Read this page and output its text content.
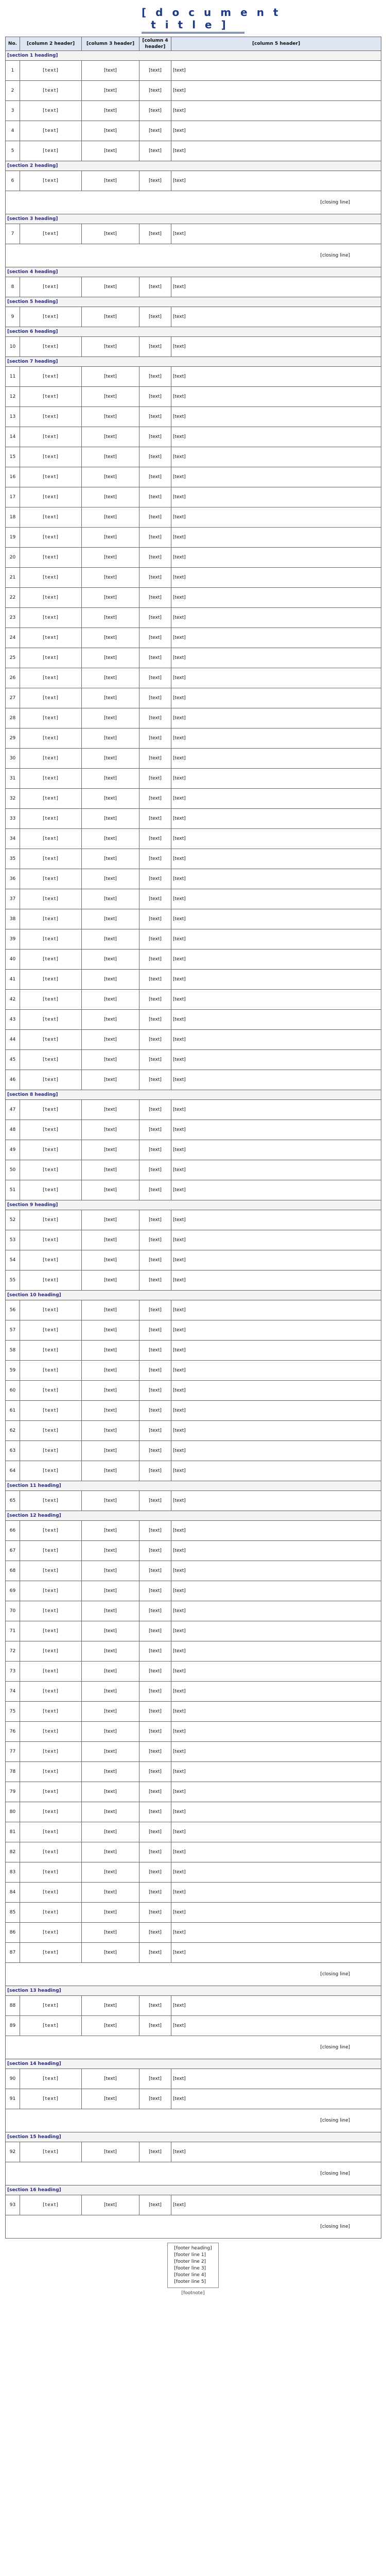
[document title]
No.	[column 2 header]	[column 3 header]	[column 4 header]	[column 5 header]
[section 1 heading]				
1	[text]	[text]	[text]	[text]
2	[text]	[text]	[text]	[text]
3	[text]	[text]	[text]	[text]
4	[text]	[text]	[text]	[text]
5	[text]	[text]	[text]	[text]
[section 2 heading]				
6	[text]	[text]	[text]	[text]
[closing line]				
[section 3 heading]				
7	[text]	[text]	[text]	[text]
[closing line]				
[section 4 heading]				
8	[text]	[text]	[text]	[text]
[section 5 heading]				
9	[text]	[text]	[text]	[text]
[section 6 heading]				
10	[text]	[text]	[text]	[text]
[section 7 heading]				
11	[text]	[text]	[text]	[text]
12	[text]	[text]	[text]	[text]
13	[text]	[text]	[text]	[text]
14	[text]	[text]	[text]	[text]
15	[text]	[text]	[text]	[text]
16	[text]	[text]	[text]	[text]
17	[text]	[text]	[text]	[text]
18	[text]	[text]	[text]	[text]
19	[text]	[text]	[text]	[text]
20	[text]	[text]	[text]	[text]
21	[text]	[text]	[text]	[text]
22	[text]	[text]	[text]	[text]
23	[text]	[text]	[text]	[text]
24	[text]	[text]	[text]	[text]
25	[text]	[text]	[text]	[text]
26	[text]	[text]	[text]	[text]
27	[text]	[text]	[text]	[text]
28	[text]	[text]	[text]	[text]
29	[text]	[text]	[text]	[text]
30	[text]	[text]	[text]	[text]
31	[text]	[text]	[text]	[text]
32	[text]	[text]	[text]	[text]
33	[text]	[text]	[text]	[text]
34	[text]	[text]	[text]	[text]
35	[text]	[text]	[text]	[text]
36	[text]	[text]	[text]	[text]
37	[text]	[text]	[text]	[text]
38	[text]	[text]	[text]	[text]
39	[text]	[text]	[text]	[text]
40	[text]	[text]	[text]	[text]
41	[text]	[text]	[text]	[text]
42	[text]	[text]	[text]	[text]
43	[text]	[text]	[text]	[text]
44	[text]	[text]	[text]	[text]
45	[text]	[text]	[text]	[text]
46	[text]	[text]	[text]	[text]
[section 8 heading]				
47	[text]	[text]	[text]	[text]
48	[text]	[text]	[text]	[text]
49	[text]	[text]	[text]	[text]
50	[text]	[text]	[text]	[text]
51	[text]	[text]	[text]	[text]
[section 9 heading]				
52	[text]	[text]	[text]	[text]
53	[text]	[text]	[text]	[text]
54	[text]	[text]	[text]	[text]
55	[text]	[text]	[text]	[text]
[section 10 heading]				
56	[text]	[text]	[text]	[text]
57	[text]	[text]	[text]	[text]
58	[text]	[text]	[text]	[text]
59	[text]	[text]	[text]	[text]
60	[text]	[text]	[text]	[text]
61	[text]	[text]	[text]	[text]
62	[text]	[text]	[text]	[text]
63	[text]	[text]	[text]	[text]
64	[text]	[text]	[text]	[text]
[section 11 heading]				
65	[text]	[text]	[text]	[text]
[section 12 heading]				
66	[text]	[text]	[text]	[text]
67	[text]	[text]	[text]	[text]
68	[text]	[text]	[text]	[text]
69	[text]	[text]	[text]	[text]
70	[text]	[text]	[text]	[text]
71	[text]	[text]	[text]	[text]
72	[text]	[text]	[text]	[text]
73	[text]	[text]	[text]	[text]
74	[text]	[text]	[text]	[text]
75	[text]	[text]	[text]	[text]
76	[text]	[text]	[text]	[text]
77	[text]	[text]	[text]	[text]
78	[text]	[text]	[text]	[text]
79	[text]	[text]	[text]	[text]
80	[text]	[text]	[text]	[text]
81	[text]	[text]	[text]	[text]
82	[text]	[text]	[text]	[text]
83	[text]	[text]	[text]	[text]
84	[text]	[text]	[text]	[text]
85	[text]	[text]	[text]	[text]
86	[text]	[text]	[text]	[text]
87	[text]	[text]	[text]	[text]
[closing line]				
[section 13 heading]				
88	[text]	[text]	[text]	[text]
89	[text]	[text]	[text]	[text]
[closing line]				
[section 14 heading]				
90	[text]	[text]	[text]	[text]
91	[text]	[text]	[text]	[text]
[closing line]				
[section 15 heading]				
92	[text]	[text]	[text]	[text]
[closing line]				
[section 16 heading]				
93	[text]	[text]	[text]	[text]
[closing line]				
[footer heading]
[footer line 1]
[footer line 2]
[footer line 3]
[footer line 4]
[footer line 5]
[footnote]
